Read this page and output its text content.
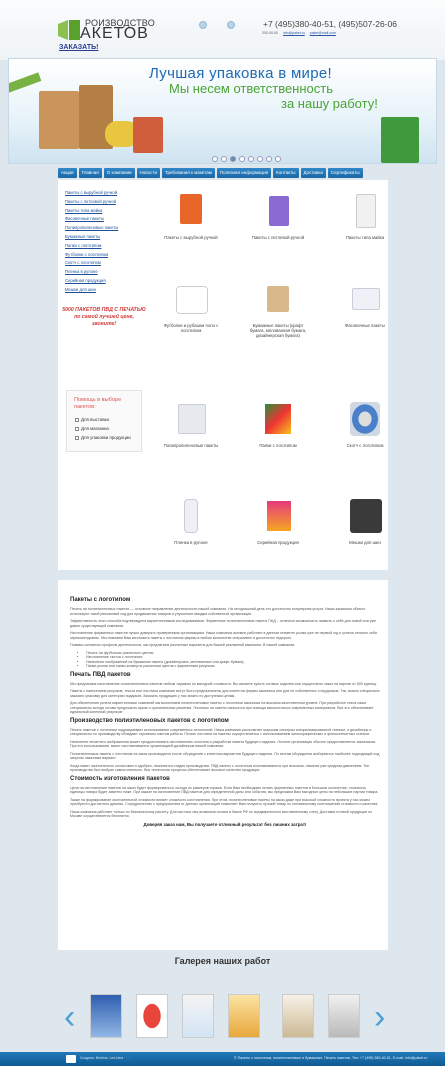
РОИЗВОДСТВО
АКЕТОВ
ЗАКАЗАТЬ!
+7 (495)380-40-51, (495)507-26-06
200-00-00 info@paket.ru paket@mail.com
Лучшая упаковка в мире!
Мы несем ответственность
за нашу работу!
Акции	Главная	О компании	Новости	Требования к макетам	Полезная информация	Контакты	Доставка	Сертификаты
Пакеты с вырубной ручкой
Пакеты с петлевой ручкой
Пакеты типа майка
Фасовочные пакеты
Полипропиленовые пакеты
Бумажные пакеты
Папки с логотипом
Футболки с логотипом
Скотч с логотипом
Пленка в рулоне
Серийная продукция
Мешки для шин
5000 ПАКЕТОВ ПВД С ПЕЧАТЬЮ по самой лучшей цене, звоните!
Помощь в выборе пакетов:
Для выставки
Для магазина
Для упаковки продукции
Пакеты с вырубной ручкой	Пакеты с петлевой ручкой	Пакеты типа майка
Футболки и рубашки поло с логотипом
Бумажные пакеты (крафт бумага, мелованная бумага, дизайнерская бумага)
Фасовочные пакеты
Полипропиленовые пакеты	Папки с логотипом	Скотч с логотипом
Пленка в рулоне	Серийная продукция	Мешки для шин
Пакеты с логотипом

Печать на полиэтиленовых пакетах — основное направление деятельности нашей компании. На сегодняшний день это достаточно популярная услуга. Наши заказчики обычно используют такой рекламный ход для продвижения товаров и улучшения имиджа собственной организации.

Эффективность этого способа подтверждена маркетинговыми исследованиями. Фирменные полиэтиленовые пакеты ПНД – отличное возможность заявить о себе для новой или уже давно существующей компании.

Изготовление фирменных пакетов лучше доверять проверенным организациям. Наша компания активно работает в данном сегменте рынка уже не первый год и успела отлично себя зарекомендовать. Мы поможем Вам изготовить пакеты с логотипом фирмы в любом количестве оперативно и достаточно недорого.

Помимо основного профиля деятельности, мы предлагаем различные варианты для Вашей рекламной кампании. В нашей компании:

• Печать на футболках различных цветов;
• Изготовление скотча с логотипом;
• Нанесение изображений на бумажные пакеты (дизайнерские, мелованные или крафт-бумага);
• Папки-уголки или папки-конверты различных цветов с фирменным рисунком.
Печать ПВД пакетов

Мы предлагаем изготовление полиэтиленовых пакетов любым тиражом по выгодной стоимости. Вы сможете купить готовые изделия или осуществить заказ на партию от 500 единиц.

Пакеты с нанесением рисунков, текста или логотипа компании могут быть предназначены для клиентов фирмы заказчика или для ее собственных сотрудников. Так, можно специально заказать упаковку для категории подарков. Заказать продукцию у нас можно по доступным ценам.

Для обеспечения успеха маркетинговых компаний мы выполняем полиэтиленовые пакеты с логотипом заказчика на высоком качественном уровне. При разработке стиля наши специалисты всегда готовы предложить яркие и оригинальные решения. Логотипы на пакеты наносятся при помощи высокоточных современных материалов. Все это обеспечивает идеальный конечный результат.

Производство полиэтиленовых пакетов с логотипом

Печать пакетов с логотипом подразумевает использование современных технологий. Наша компания располагает широким спектром специализированной техники, а дизайнеры и специалисты по производству обладают огромным опытом работы. Печать логотипа на пакетах осуществляется с использованием шелкографических и флексопечатных станков.

Нанесение печатного изображения может предшествовать изготовлению логотипа и разработке макета будущего изделия. Логотип организации обычно предоставляется заказчиком. При его использовании, макет изготавливается организацией-дизайнером нашей компании.

Полиэтиленовые пакеты с логотипом на заказ производятся после обсуждения с клиентом вариантов будущего изделия. По итогам обсуждения выбираются наиболее подходящий под запросы заказчика вариант.

Когда макет окончательно согласован и одобрен, начинается стадия производства. ПВД пакеты с логотипом изготавливаются при высоком, начиная уже средним давлением. Тип производства был выбран самостоятельно. Вся технология процесса обеспечивает высокое качество продукции.

Стоимость изготовления пакетов

Цена на изготовление пакетов на заказ будет формироваться, исходя из размеров тиража. Если Вам необходимо печать фирменных пакетов в большом количестве, стоимость единицы товара будет заметно ниже. При заказе на изготовление ПВД пакетов для определенной даты или события, мы предложим Вам выгодные цены на небольшие партии товара.

Также на формирование окончательной стоимости влияет сложность изготовления. При этом, полиэтиленовые пакеты на заказ даже при высокой сложности проекта у нас можно приобрести достаточно дешево. Сотрудничество с предприятием от данных организаций позволяет Вам получить лучший товар по оптимальному соотношению стоимости и качества.

Наша компания работает только по безналичному расчету. Для частных лиц возможна оплата в банке РФ по предварительно выставленному счету. Доставка готовой продукции по Москве осуществляется бесплатно.

Доверяя заказ нам, Вы получаете отличный результат без лишних затрат!
Галерея наших работ
‹	›
Создано: Nimbus, Lex-Idea · · ·	© Пакеты с логотипом, полиэтиленовые и бумажные. Печать пакетов. Тел: +7 (495) 380-40-51, E-mail: info@paket.ru
